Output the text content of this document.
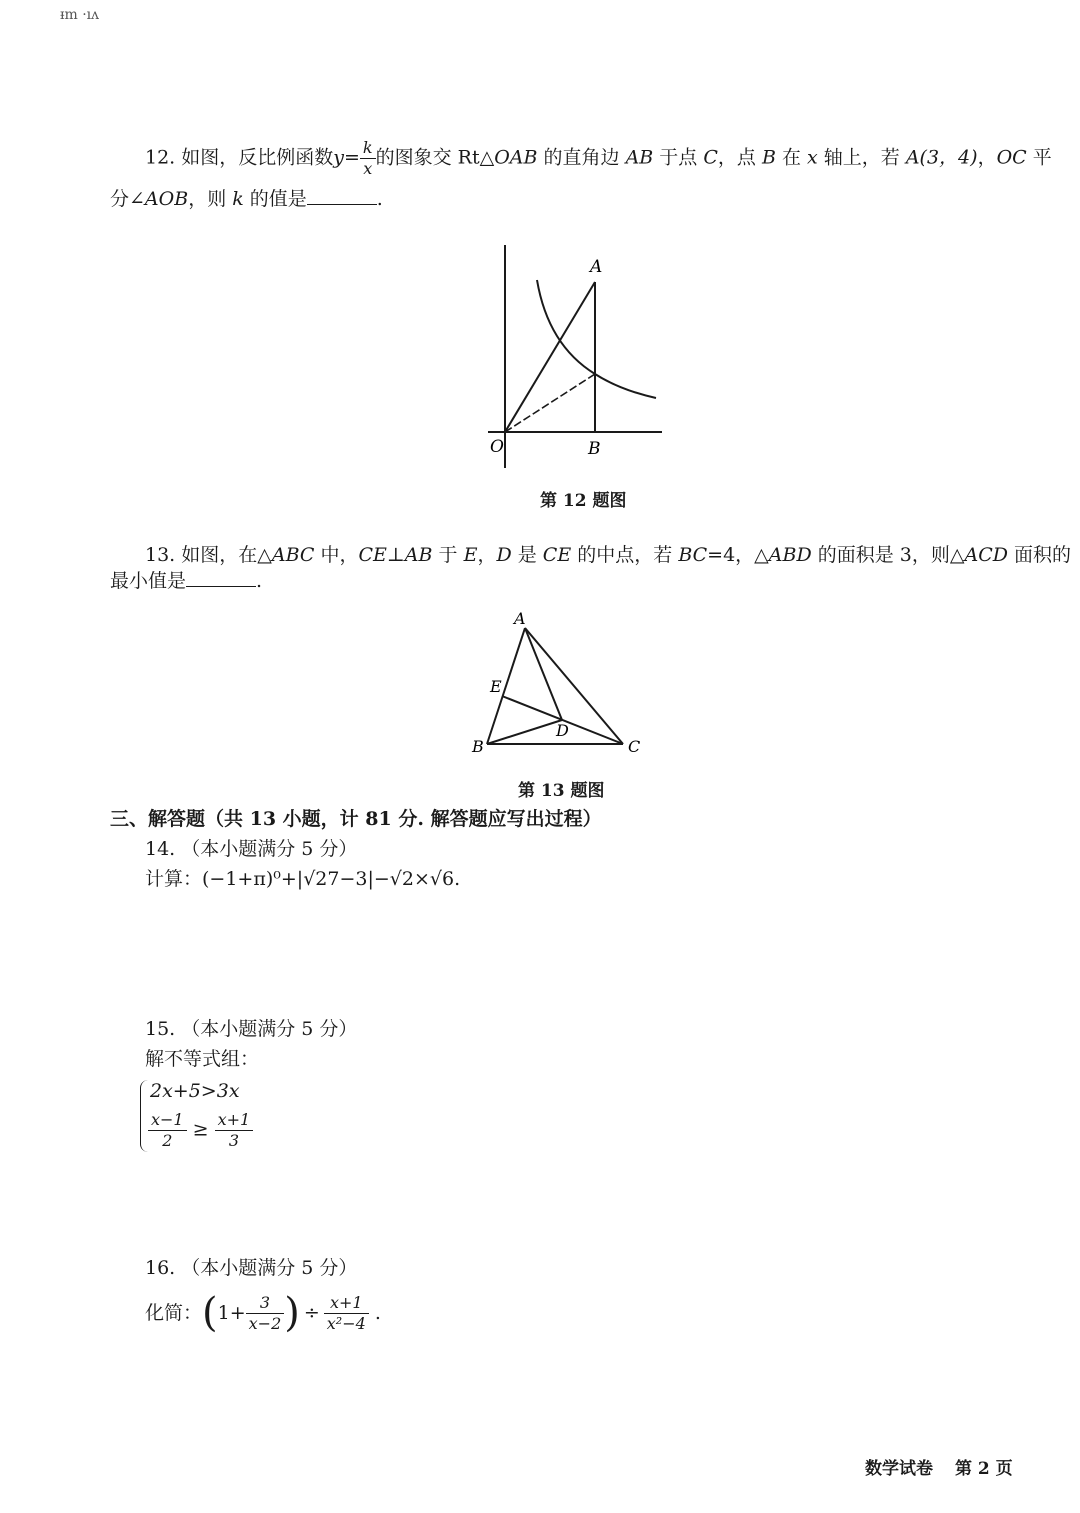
ᵻm ·ıᴧ
12. 如图，反比例函数$y= \frac{k}{x}$ 的图象交 Rt△OAB 的直角边 AB 于点 C，点 B 在 x 轴上，若 A(3，4)，OC 平
分∠AOB，则 k 的值是	.
A
O	B
第 12 题图
13. 如图，在△ABC 中，CE⊥AB 于 E，D 是 CE 的中点，若 BC=4，△ABD 的面积是 3，则△ACD 面积的
最小值是	.
A
E
D
B	C
第 13 题图
三、解答题（共 13 小题，计 81 分. 解答题应写出过程）
14. （本小题满分 5 分）
计算：(−1+π)⁰+|√27−3|−√2×√6.
15. （本小题满分 5 分）
解不等式组：
2x+5>3x
$\frac{x-1}{2} \ge \frac{x+1}{3}$
16. （本小题满分 5 分）
化简： ( $1+ \frac{3}{x-2}$ ) ÷ $\frac{x+1}{\text{x²−4}}$ .
数学试卷 第 2 页
